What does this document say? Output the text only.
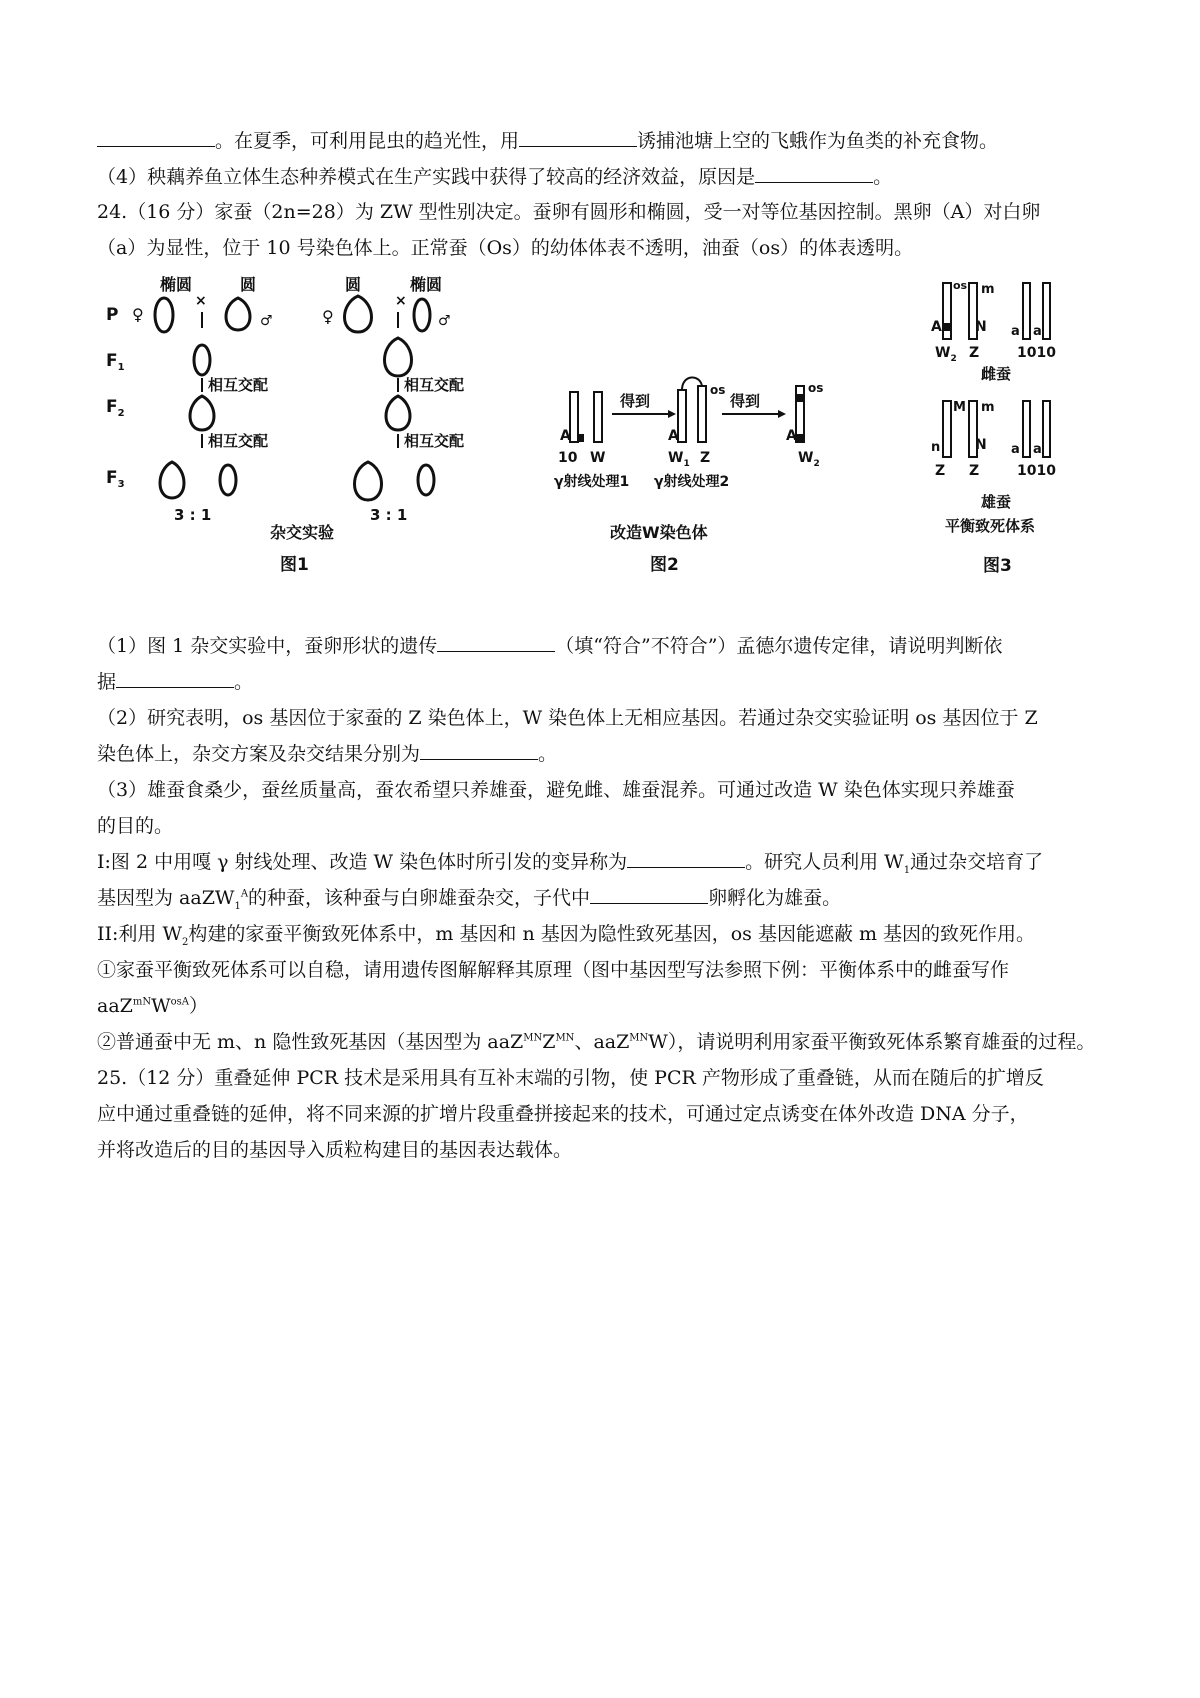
。在夏季，可利用昆虫的趋光性，用	诱捕池塘上空的飞蛾作为鱼类的补充食物。
（4）秧藕养鱼立体生态种养模式在生产实践中获得了较高的经济效益，原因是	。
24.（16 分）家蚕（2n=28）为 ZW 型性别决定。蚕卵有圆形和椭圆，受一对等位基因控制。黑卵（A）对白卵
（a）为显性，位于 10 号染色体上。正常蚕（Os）的幼体体表不透明，油蚕（os）的体表透明。
椭圆	圆	圆	椭圆
P
$F_1$
$F_2$
$F_3$
♀
×
♂
相互交配
相互交配
3 : 1
♀
×
♂
相互交配
相互交配
3 : 1
杂交实验
图1
A
10 W
得到
os
A
$W_1$ Z
得到
os
A
$W_2$
γ射线处理1 γ射线处理2
改造W染色体
图2
os
A
m
N a a
$W_2$ Z	1010
雌蚕
M
n
m
N a a
Z Z	1010
雄蚕
平衡致死体系
图3
（1）图 1 杂交实验中，蚕卵形状的遗传	（填“符合”不符合”）孟德尔遗传定律，请说明判断依
据	。
（2）研究表明，os 基因位于家蚕的 Z 染色体上，W 染色体上无相应基因。若通过杂交实验证明 os 基因位于 Z
染色体上，杂交方案及杂交结果分别为	。
（3）雄蚕食桑少，蚕丝质量高，蚕农希望只养雄蚕，避免雌、雄蚕混养。可通过改造 W 染色体实现只养雄蚕
的目的。
I:图 2 中用嘎 γ 射线处理、改造 W 染色体时所引发的变异称为	。研究人员利用 $W_1$通过杂交培育了
基因型为 aaZW$_1^A$的种蚕，该种蚕与白卵雄蚕杂交，子代中	卵孵化为雄蚕。
II:利用 $W_2$构建的家蚕平衡致死体系中，m 基因和 n 基因为隐性致死基因，os 基因能遮蔽 m 基因的致死作用。
①家蚕平衡致死体系可以自稳，请用遗传图解解释其原理（图中基因型写法参照下例：平衡体系中的雌蚕写作
$aaZ^{mN}W^{osA}$）
②普通蚕中无 m、n 隐性致死基因（基因型为 $aaZ^{MN}Z^{MN}$、aaZ$^{MN}$W），请说明利用家蚕平衡致死体系繁育雄蚕的过程。
25.（12 分）重叠延伸 PCR 技术是采用具有互补末端的引物，使 PCR 产物形成了重叠链，从而在随后的扩增反
应中通过重叠链的延伸，将不同来源的扩增片段重叠拼接起来的技术，可通过定点诱变在体外改造 DNA 分子，
并将改造后的目的基因导入质粒构建目的基因表达载体。
